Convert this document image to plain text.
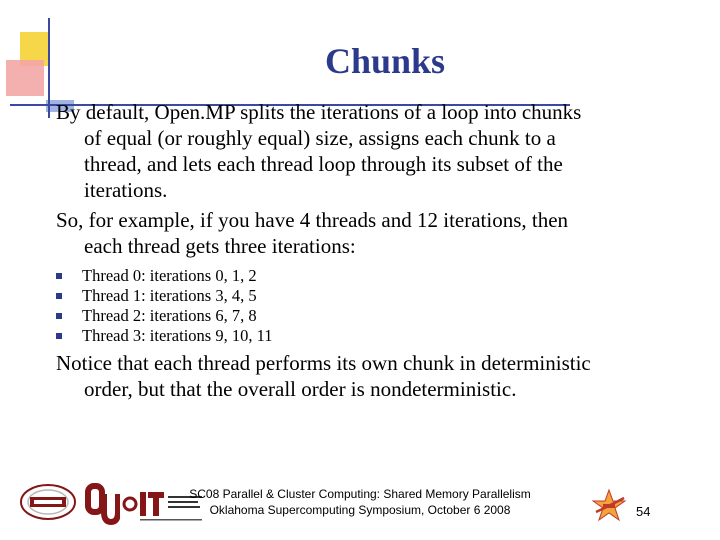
Chunks
By default, Open.MP splits the iterations of a loop into chunks
of equal (or roughly equal) size, assigns each chunk to a
thread, and lets each thread loop through its subset of the
iterations.
So, for example, if you have 4 threads and 12 iterations, then
each thread gets three iterations:
Thread 0: iterations 0, 1, 2
Thread 1: iterations 3, 4, 5
Thread 2: iterations 6, 7, 8
Thread 3: iterations 9, 10, 11
Notice that each thread performs its own chunk in deterministic
order, but that the overall order is nondeterministic.
SC08 Parallel & Cluster Computing: Shared Memory Parallelism
Oklahoma Supercomputing Symposium, October 6 2008	54
